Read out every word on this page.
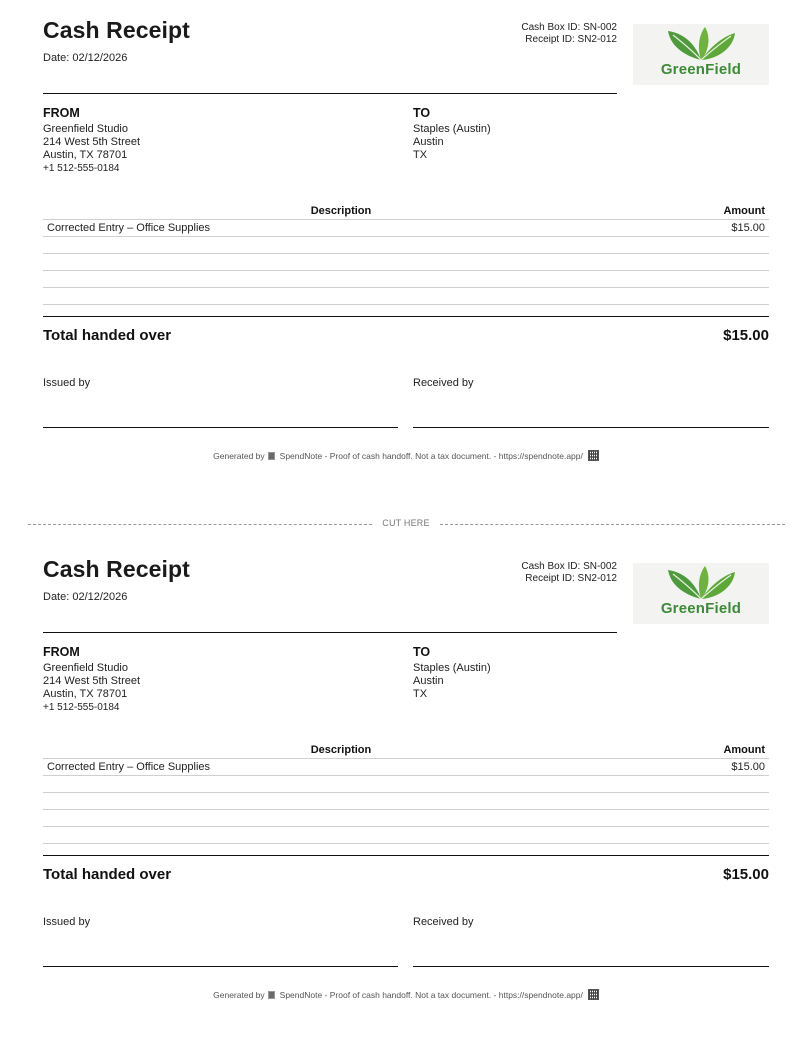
Cash Receipt
Date: 02/12/2026
Cash Box ID: SN-002
Receipt ID: SN2-012
GreenField
FROM
Greenfield Studio
214 West 5th Street
Austin, TX 78701
+1 512-555-0184
TO
Staples (Austin)
Austin
TX
Description	Amount
Corrected Entry – Office Supplies	$15.00
Total handed over	$15.00
Issued by	Received by
Generated by SpendNote - Proof of cash handoff. Not a tax document. - https://spendnote.app/
CUT HERE
Cash Receipt
Date: 02/12/2026
Cash Box ID: SN-002
Receipt ID: SN2-012
GreenField
FROM
Greenfield Studio
214 West 5th Street
Austin, TX 78701
+1 512-555-0184
TO
Staples (Austin)
Austin
TX
Description	Amount
Corrected Entry – Office Supplies	$15.00
Total handed over	$15.00
Issued by	Received by
Generated by SpendNote - Proof of cash handoff. Not a tax document. - https://spendnote.app/
